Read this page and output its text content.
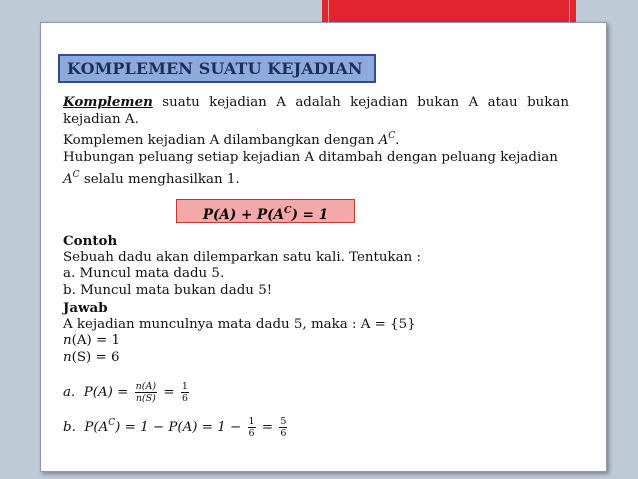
KOMPLEMEN SUATU KEJADIAN
Komplemen suatu kejadian A adalah kejadian bukan A atau bukan
kejadian A.
Komplemen kejadian A dilambangkan dengan $A^C$.
Hubungan peluang setiap kejadian A ditambah dengan peluang kejadian
$A^C$ selalu menghasilkan 1.
$P(A) + P(A^C) = 1$
Contoh
Sebuah dadu akan dilemparkan satu kali. Tentukan :
a. Muncul mata dadu 5.
b. Muncul mata bukan dadu 5!
Jawab
A kejadian munculnya mata dadu 5, maka : A = {5}
n(A) = 1
n(S) = 6
a. $P(A) = \frac{n(A)}{n(S)} = \frac{1}{6}$
b. $P(A^C) = 1 - P(A) = 1 - \frac{1}{6} = \frac{5}{6}$
